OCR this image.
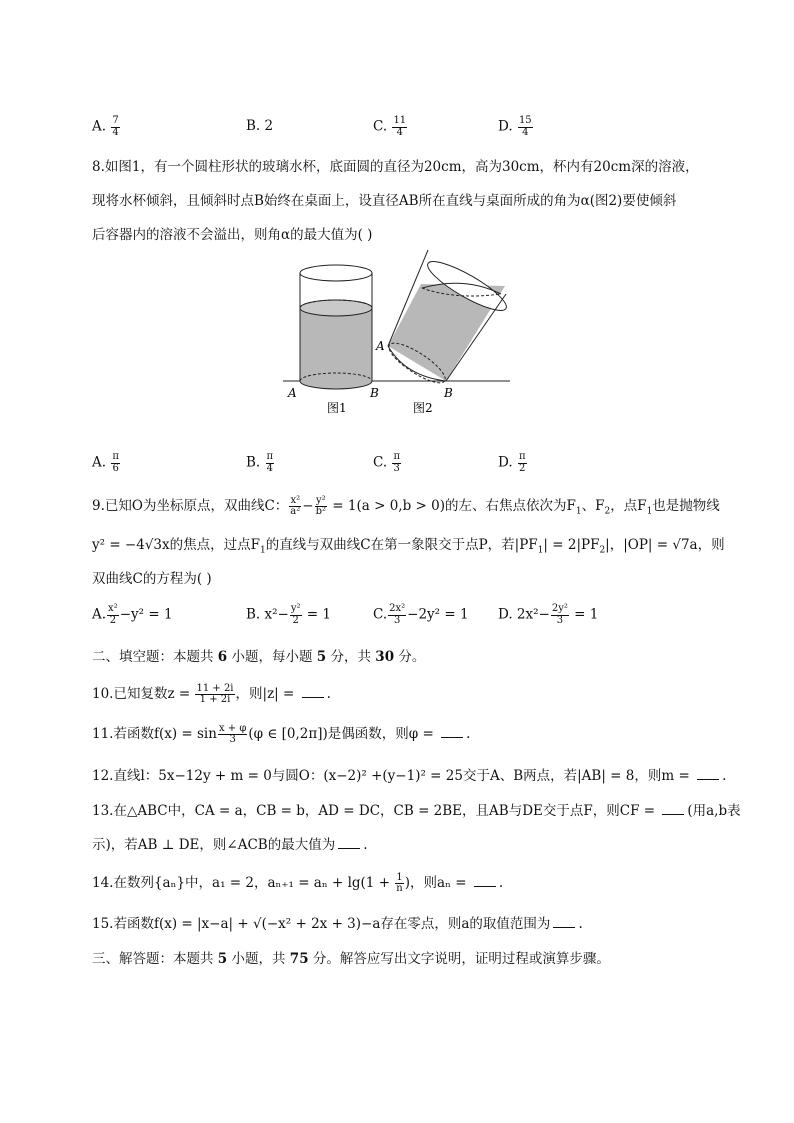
A. $\frac{7}{4}$	B. 2	C. $\frac{11}{4}$	D. $\frac{15}{4}$
8.如图1，有一个圆柱形状的玻璃水杯，底面圆的直径为20cm，高为30cm，杯内有20cm深的溶液，
现将水杯倾斜，且倾斜时点B始终在桌面上，设直径AB所在直线与桌面所成的角为α(图2)要使倾斜
后容器内的溶液不会溢出，则角α的最大值为( )
A	B
A
B
图1	图2
A. $\frac{\pi}{6}$	B. $\frac{\pi}{4}$	C. $\frac{\pi}{3}$	D. $\frac{\pi}{2}$
9.已知O为坐标原点，双曲线C： $\frac{\text{x²}}{\text{a²}} - \frac{\text{y²}}{\text{b²}} = 1(a > 0,b > 0)$的左、右焦点依次为$F_1$、$F_2$，点$F_1$也是抛物线
y² = −4√3x的焦点，过点$F_1$的直线与双曲线C在第一象限交于点P，若$|PF_1| = 2|PF_2|$，|OP| = √7a，则
双曲线C的方程为( )
A. $\frac{\text{x²}}{2} -y^2 = 1$	B. $x^2- \frac{\text{y²}}{2} = 1$	C. $\frac{\text{2x²}}{3} -2y^2 = 1$ D. $2x^2- \frac{\text{2y²}}{3} = 1$
二、填空题：本题共 6 小题，每小题 5 分，共 30 分。
10.已知复数$z = \frac{11 + 2i}{1 + 2i}$ ，则|z| = .
11.若函数$f(x) = \sin \frac{x + \varphi}{3} (\varphi$ ∈ [0,2π])是偶函数，则φ = .
12.直线l：5x−12y + m = 0与圆O：(x−2)² +(y−1)² = 25交于A、B两点，若|AB| = 8，则m = .
13.在△ABC中，CA = a，CB = b，AD = DC，CB = 2BE，且AB与DE交于点F，则CF = (用a,b表
示)，若AB ⊥ DE，则∠ACB的最大值为 .
14.在数列{aₙ}中，a₁ = 2，$a_{n+1} = a_n + \lg(1 + \frac{1}{n}$ )，则aₙ = .
15.若函数f(x) = |x−a| + √(−x² + 2x + 3)−a存在零点，则a的取值范围为 .
三、解答题：本题共 5 小题，共 75 分。解答应写出文字说明，证明过程或演算步骤。
